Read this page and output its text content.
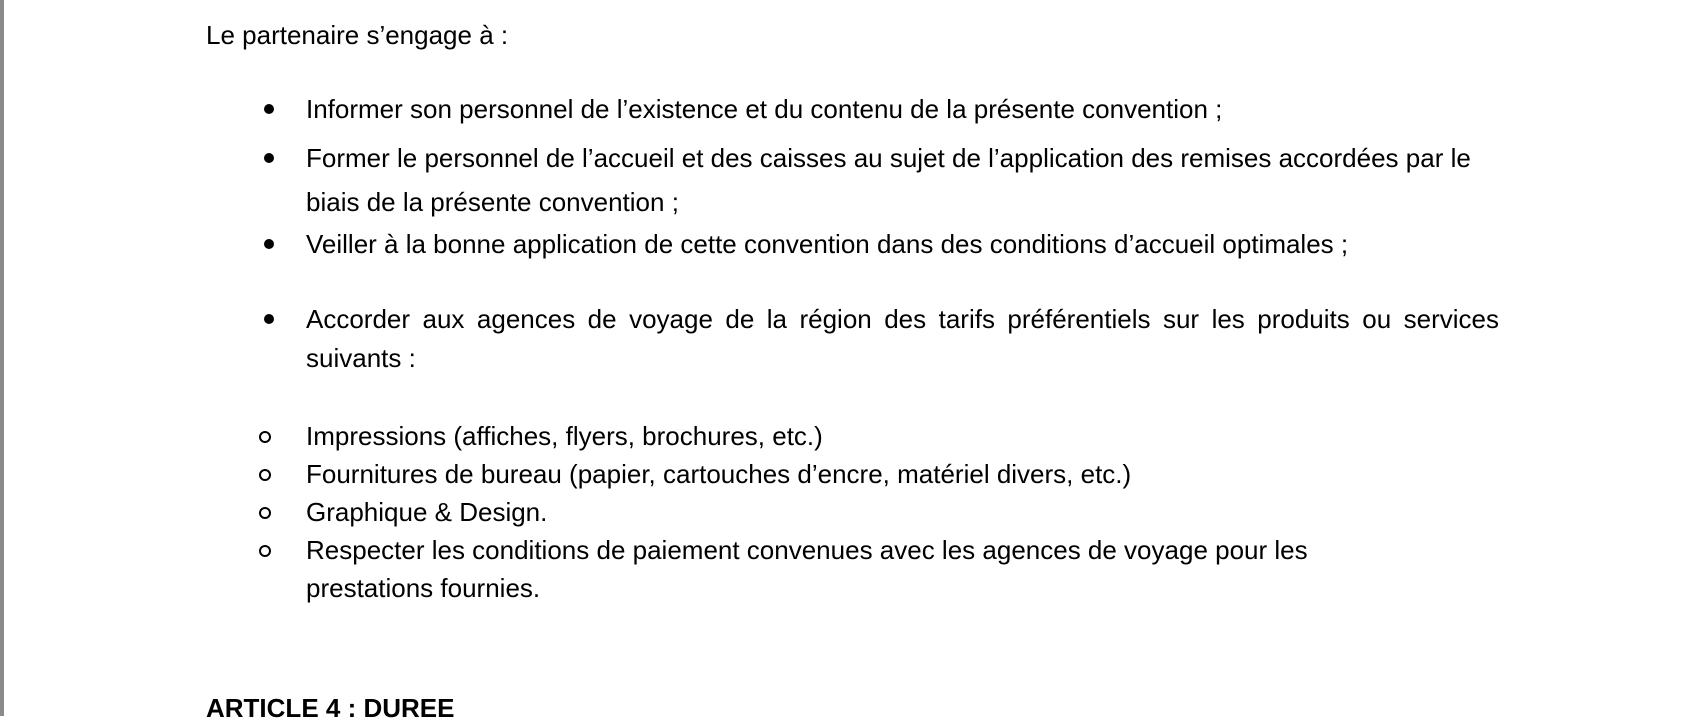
Le partenaire s’engage à :
Informer son personnel de l’existence et du contenu de la présente convention ;
Former le personnel de l’accueil et des caisses au sujet de l’application des remises accordées par le biais de la présente convention ;
Veiller à la bonne application de cette convention dans des conditions d’accueil optimales ;
Accorder aux agences de voyage de la région des tarifs préférentiels sur les produits ou services suivants :
Impressions (affiches, flyers, brochures, etc.)
Fournitures de bureau (papier, cartouches d’encre, matériel divers, etc.)
Graphique & Design.
Respecter les conditions de paiement convenues avec les agences de voyage pour les prestations fournies.
ARTICLE 4 : DUREE
